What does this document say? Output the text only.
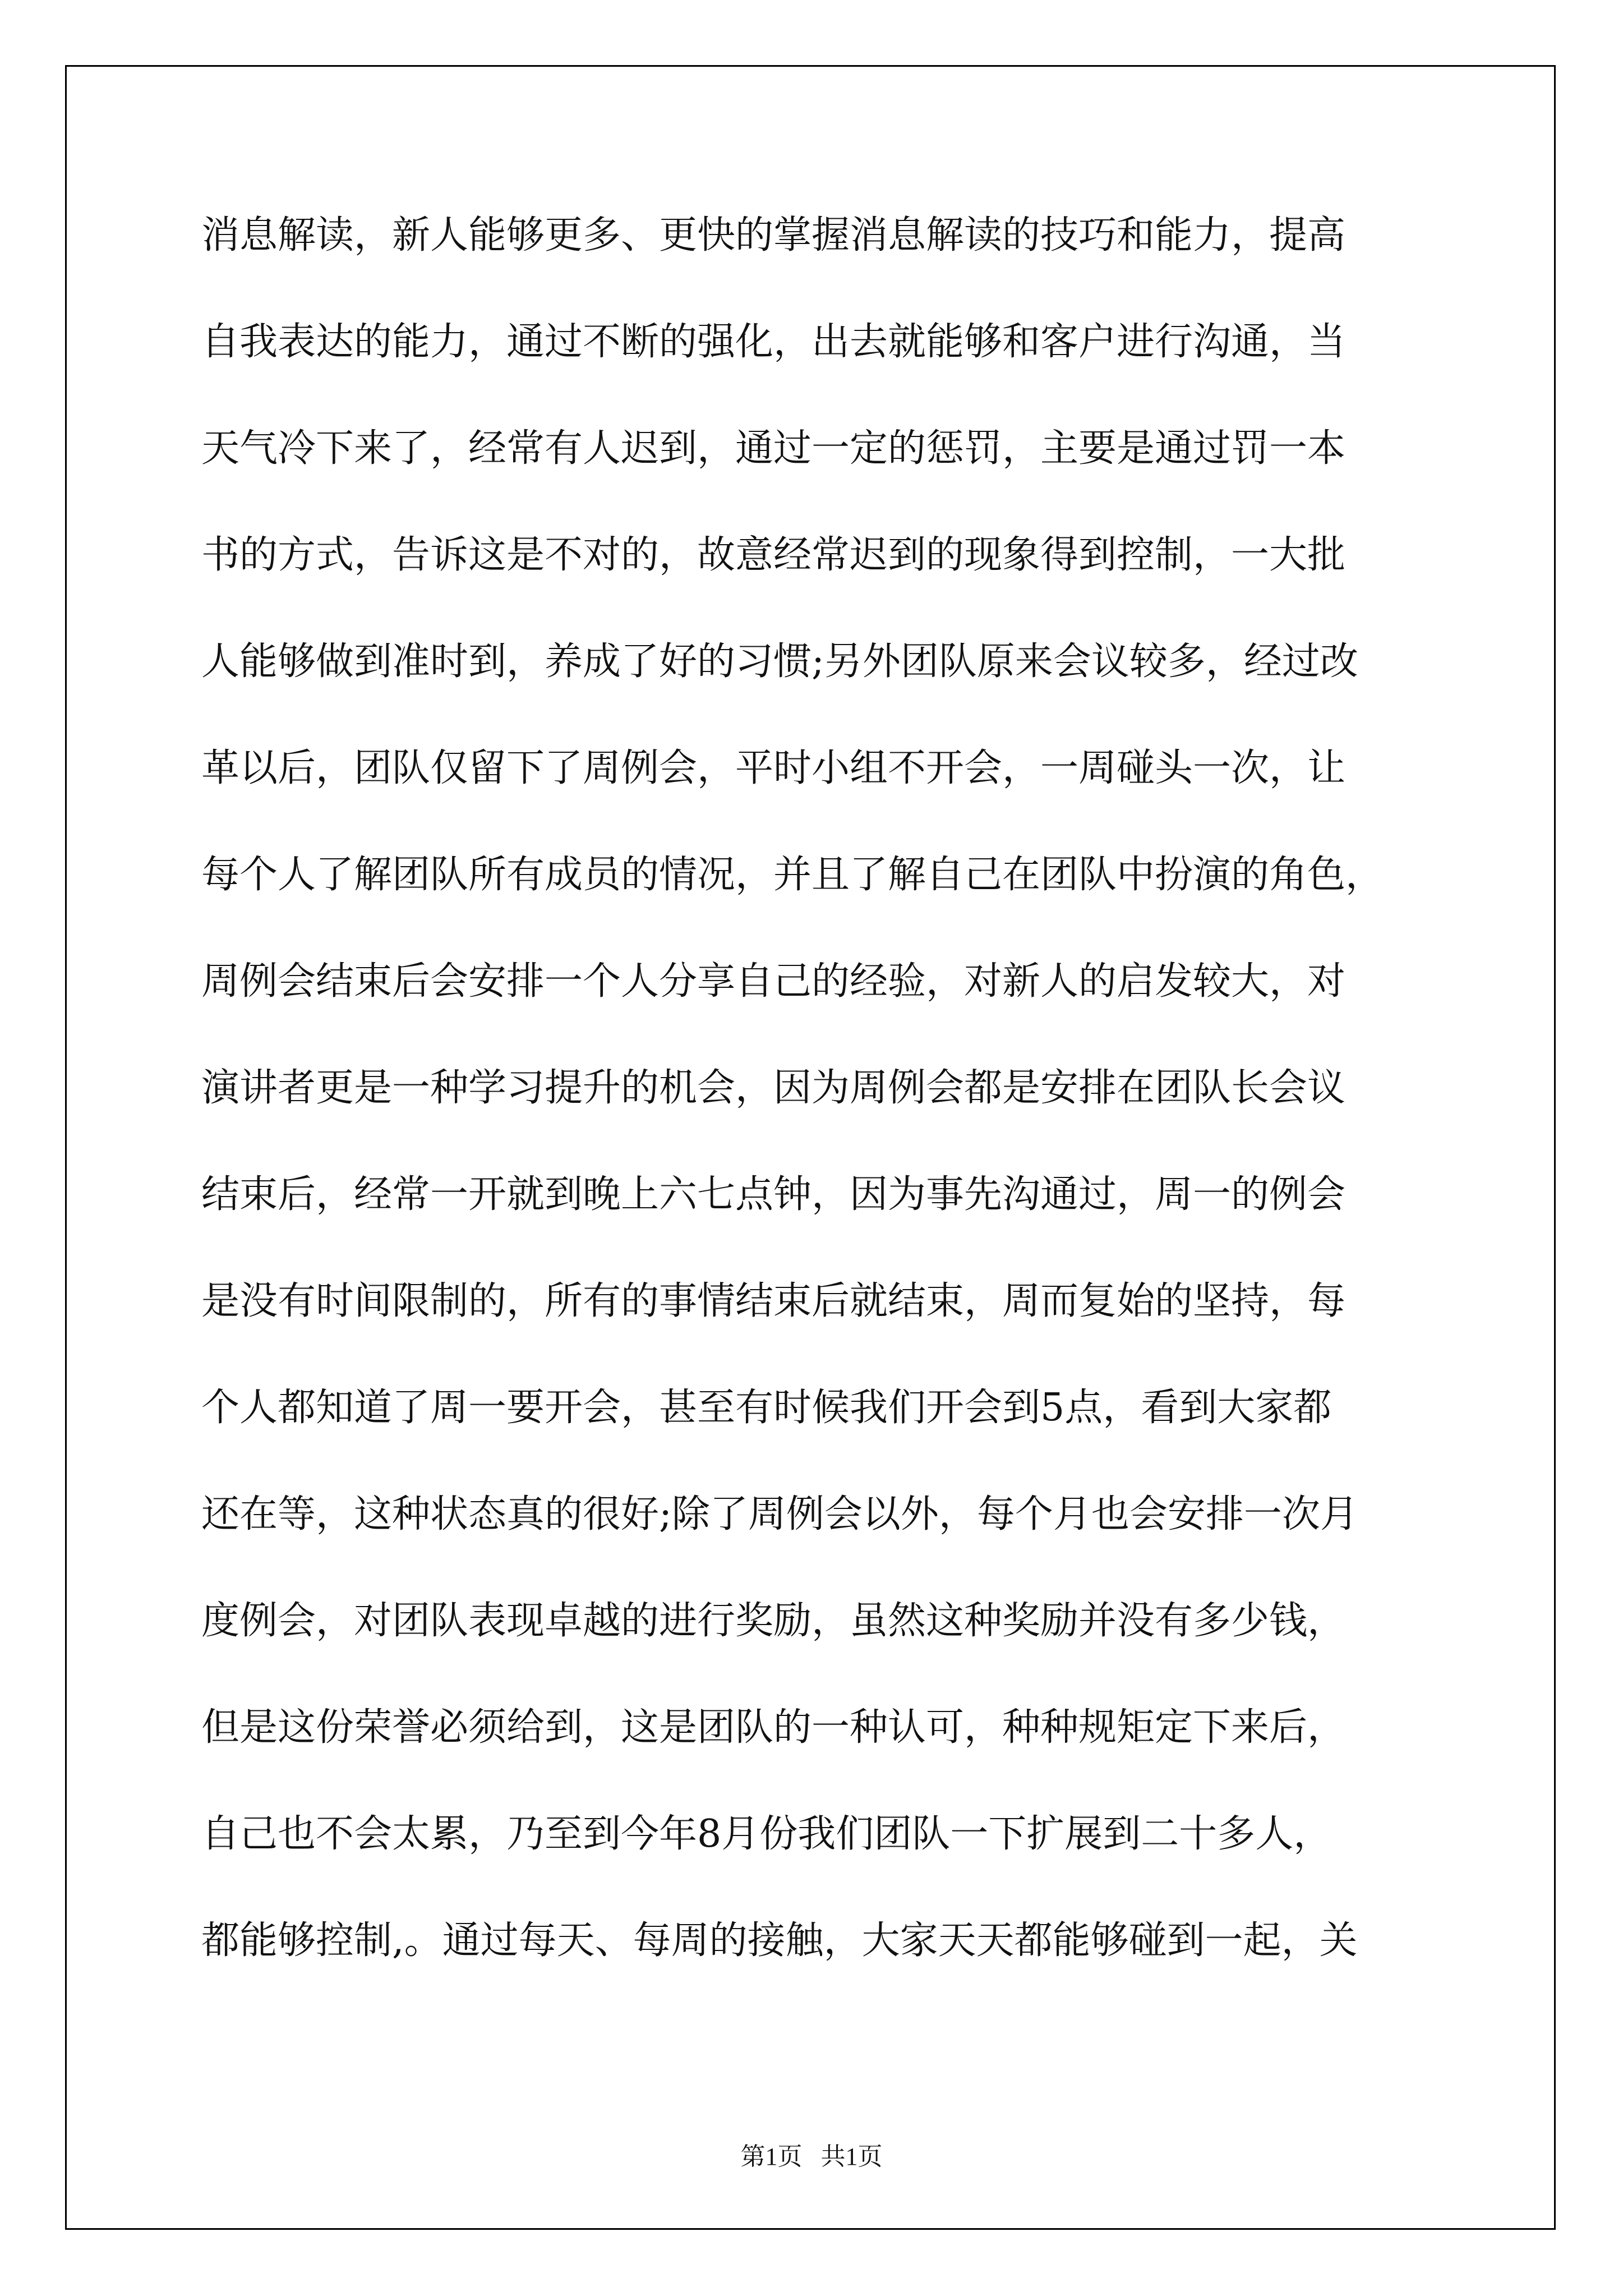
消息解读，新人能够更多、更快的掌握消息解读的技巧和能力，提高
自我表达的能力，通过不断的强化，出去就能够和客户进行沟通，当
天气冷下来了，经常有人迟到，通过一定的惩罚，主要是通过罚一本
书的方式，告诉这是不对的，故意经常迟到的现象得到控制，一大批
人能够做到准时到，养成了好的习惯;另外团队原来会议较多，经过改
革以后，团队仅留下了周例会，平时小组不开会，一周碰头一次，让
每个人了解团队所有成员的情况，并且了解自己在团队中扮演的角色，
周例会结束后会安排一个人分享自己的经验，对新人的启发较大，对
演讲者更是一种学习提升的机会，因为周例会都是安排在团队长会议
结束后，经常一开就到晚上六七点钟，因为事先沟通过，周一的例会
是没有时间限制的，所有的事情结束后就结束，周而复始的坚持，每
个人都知道了周一要开会，甚至有时候我们开会到5点，看到大家都
还在等，这种状态真的很好;除了周例会以外，每个月也会安排一次月
度例会，对团队表现卓越的进行奖励，虽然这种奖励并没有多少钱，
但是这份荣誉必须给到，这是团队的一种认可，种种规矩定下来后，
自己也不会太累，乃至到今年8月份我们团队一下扩展到二十多人，
都能够控制,。通过每天、每周的接触，大家天天都能够碰到一起，关
第1页   共1页
